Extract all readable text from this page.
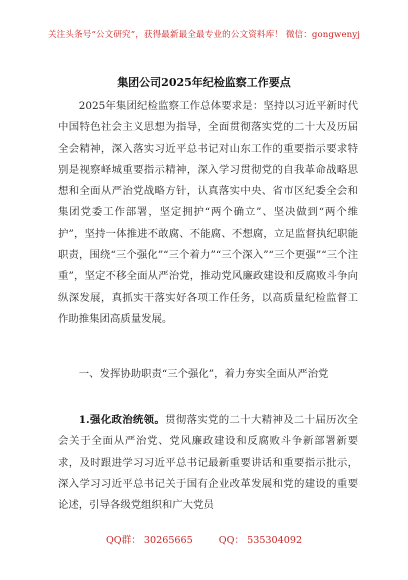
关注头条号“公文研究”，获得最新最全最专业的公文资料库！ 微信：gongwenyj
集团公司2025年纪检监察工作要点

2025年集团纪检监察工作总体要求是：坚持以习近平新时代中国特色社会主义思想为指导，全面贯彻落实党的二十大及历届全会精神，深入落实习近平总书记对山东工作的重要指示要求特别是视察峄城重要指示精神，深入学习贯彻党的自我革命战略思想和全面从严治党战略方针，认真落实中央、省市区纪委全会和集团党委工作部署，坚定拥护“两个确立”、坚决做到“两个维护”，坚持一体推进不敢腐、不能腐、不想腐，立足监督执纪职能职责，围绕“三个强化”“三个着力”“三个深入”“三个更强”“三个注重”，坚定不移全面从严治党，推动党风廉政建设和反腐败斗争向纵深发展，真抓实干落实好各项工作任务，以高质量纪检监督工作助推集团高质量发展。

一、发挥协助职责“三个强化”，着力夯实全面从严治党

1.强化政治统领。贯彻落实党的二十大精神及二十届历次全会关于全面从严治党、党风廉政建设和反腐败斗争新部署新要求，及时跟进学习习近平总书记最新重要讲话和重要指示批示，深入学习习近平总书记关于国有企业改革发展和党的建设的重要论述，引导各级党组织和广大党员

QQ群： 30265665	QQ： 535304092
